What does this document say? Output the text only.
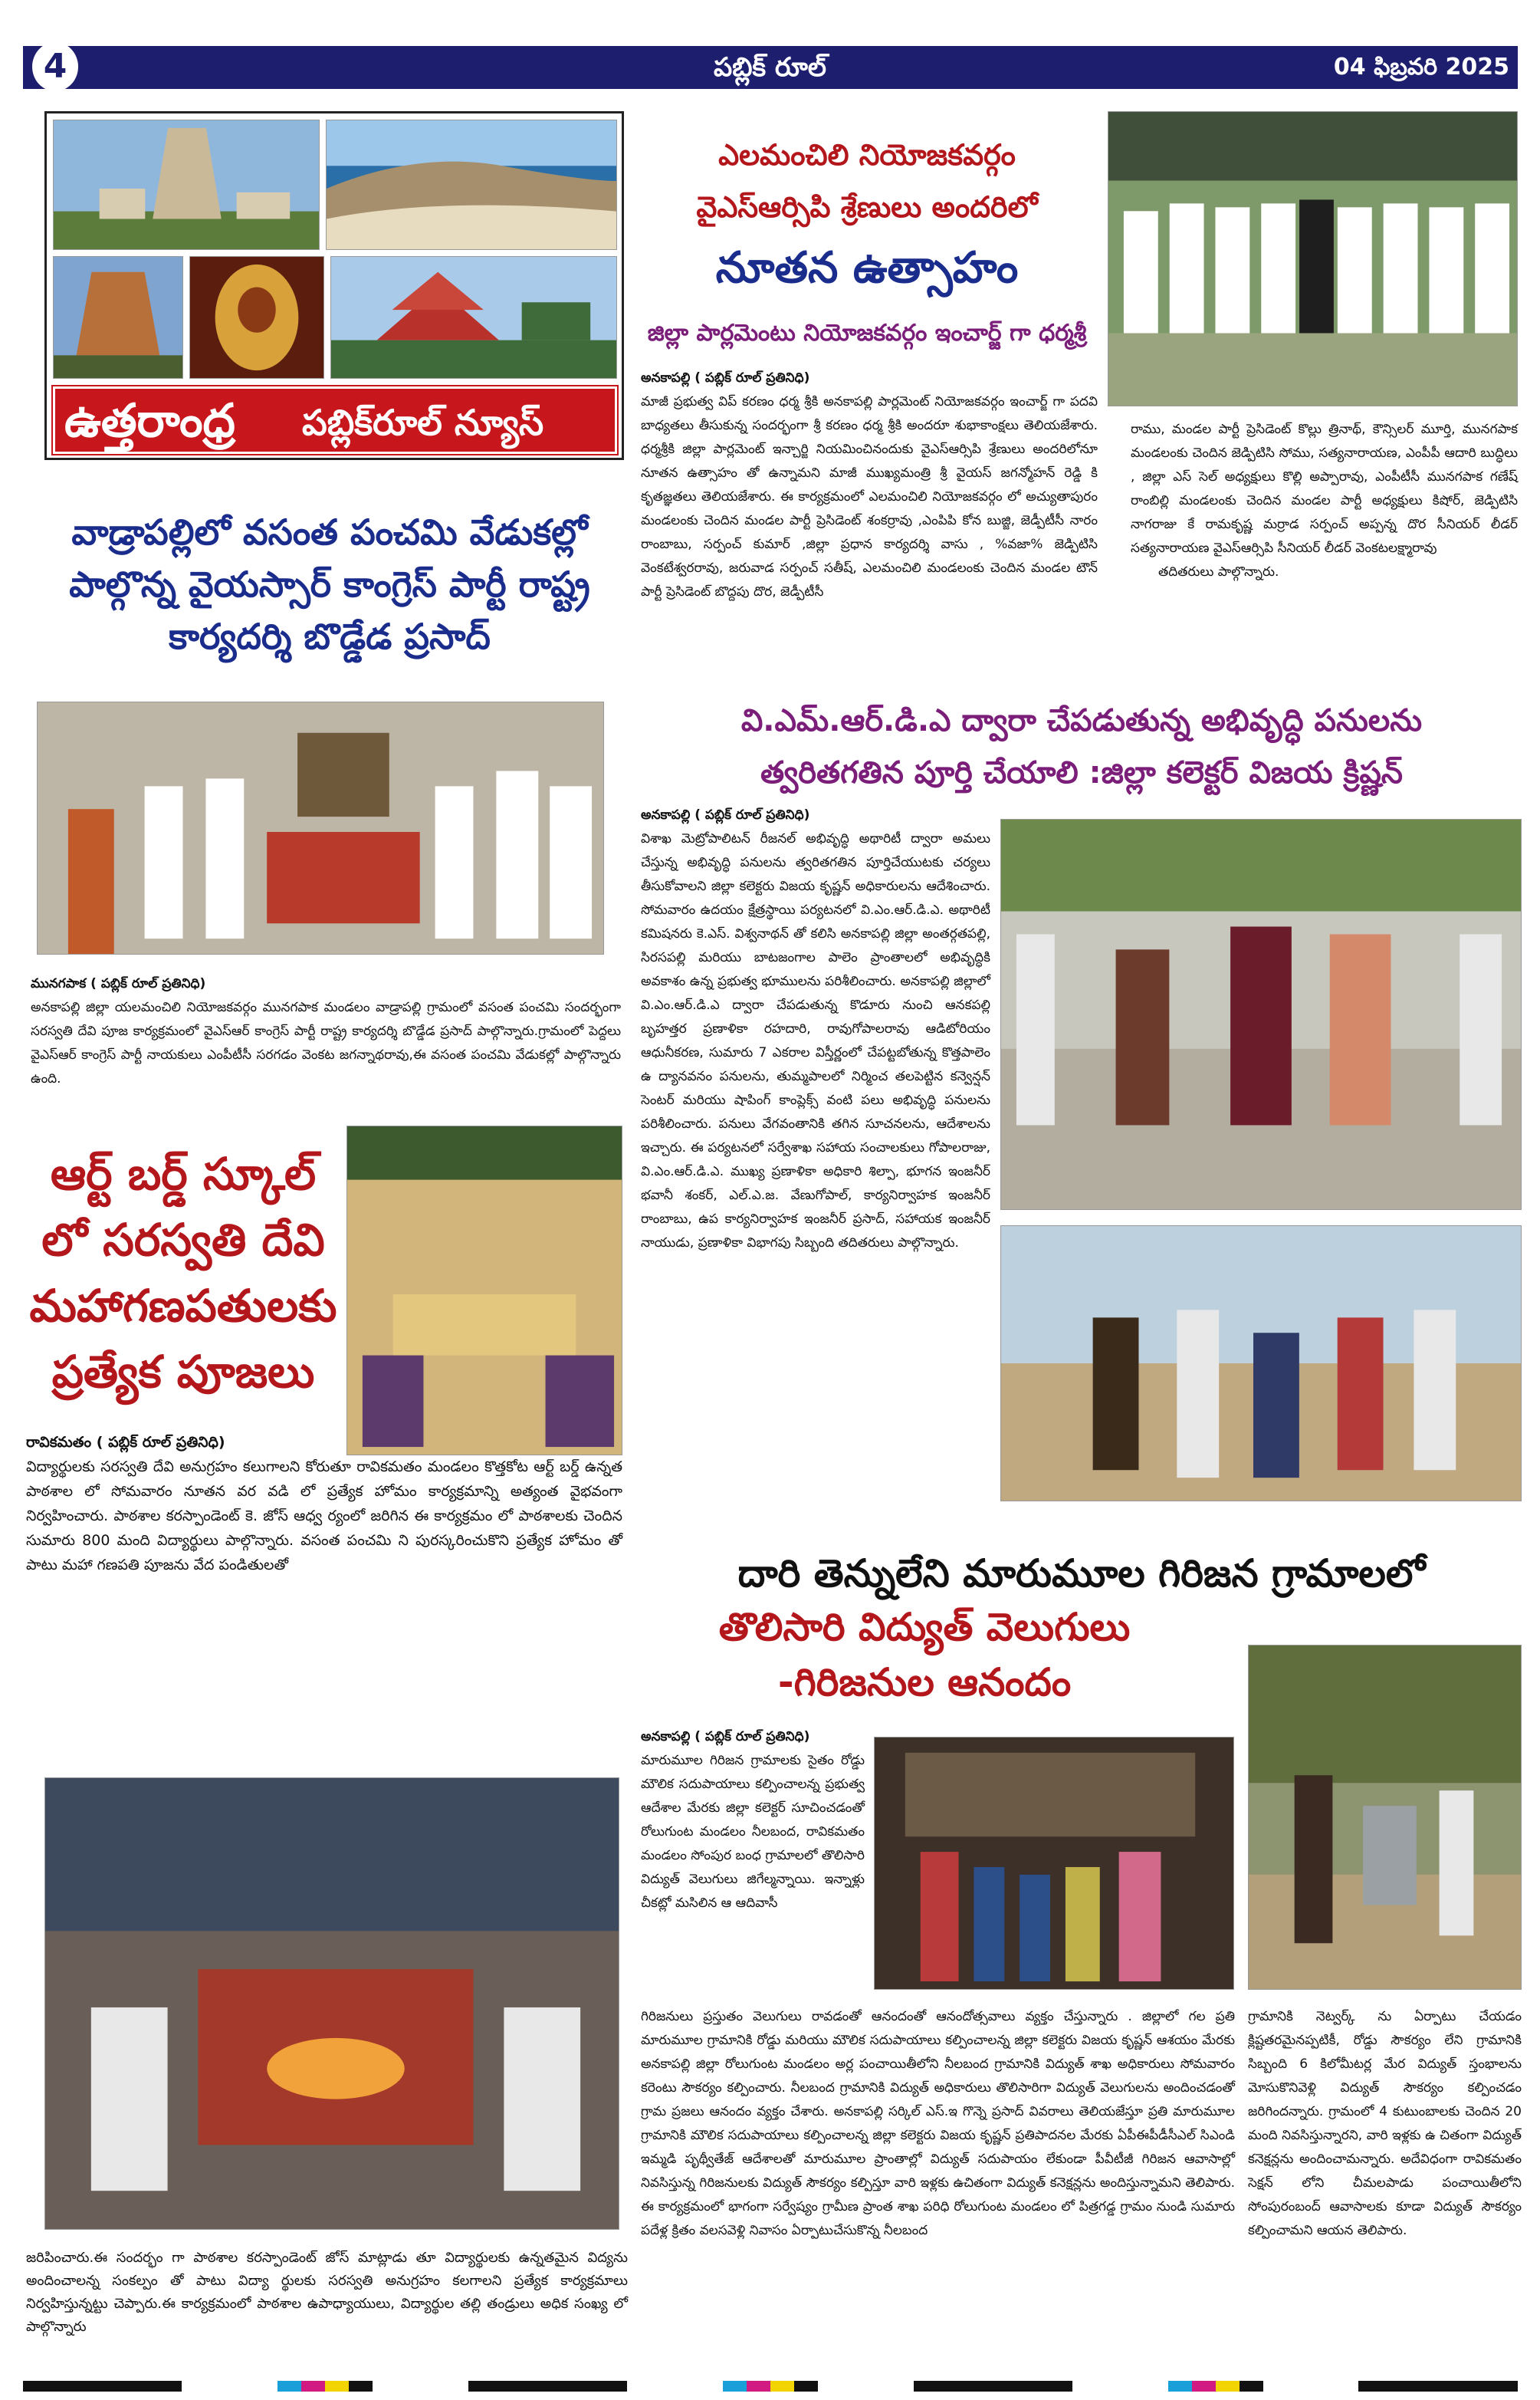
4	పబ్లిక్ రూల్	04 ఫిబ్రవరి 2025
ఉత్తరాంధ్ర పబ్లిక్‌రూల్ న్యూస్
వాడ్రాపల్లిలో వసంత పంచమి వేడుకల్లో పాల్గొన్న వైయస్సార్ కాంగ్రెస్ పార్టీ రాష్ట్ర కార్యదర్శి బొడ్డేడ ప్రసాద్

మునగపాక ( పబ్లిక్ రూల్ ప్రతినిధి)
అనకాపల్లి జిల్లా యలమంచిలి నియోజకవర్గం మునగపాక మండలం వాడ్రాపల్లి గ్రామంలో వసంత పంచమి సందర్భంగా సరస్వతి దేవి పూజ కార్యక్రమంలో వైఎస్ఆర్ కాంగ్రెస్ పార్టీ రాష్ట్ర కార్యదర్శి బొడ్డేడ ప్రసాద్ పాల్గొన్నారు.గ్రామంలో పెద్దలు వైఎస్ఆర్ కాంగ్రెస్ పార్టీ నాయకులు ఎంపీటీసీ సరగడం వెంకట జగన్నాథరావు,ఈ వసంత పంచమి వేడుకల్లో పాల్గొన్నారు ఉంది.

ఎలమంచిలి నియోజకవర్గం
వైఎస్ఆర్సిపి శ్రేణులు అందరిలో
నూతన ఉత్సాహం
జిల్లా పార్లమెంటు నియోజకవర్గం ఇంచార్జ్ గా ధర్మశ్రీ

అనకాపల్లి ( పబ్లిక్ రూల్ ప్రతినిధి)
మాజీ ప్రభుత్వ విప్ కరణం ధర్మ శ్రీకి అనకాపల్లి పార్లమెంట్ నియోజకవర్గం ఇంచార్జ్ గా పదవి బాధ్యతలు తీసుకున్న సందర్భంగా శ్రీ కరణం ధర్మ శ్రీకి అందరూ శుభాకాంక్షలు తెలియజేశారు. ధర్మశ్రీకి జిల్లా పార్లమెంట్ ఇన్చార్జి నియమించినందుకు వైఎస్ఆర్సిపి శ్రేణులు అందరిలోనూ నూతన ఉత్సాహం తో ఉన్నామని మాజీ ముఖ్యమంత్రి శ్రీ వైయస్ జగన్మోహన్ రెడ్డి కి కృతజ్ఞతలు తెలియజేశారు. ఈ కార్యక్రమంలో ఎలమంచిలి నియోజకవర్గం లో అచ్యుతాపురం మండలంకు చెందిన మండల పార్టీ ప్రెసిడెంట్ శంకర్రావు ,ఎంపిపి కోన బుజ్జి, జెడ్పీటీసీ నారం రాంబాబు, సర్పంచ్ కుమార్ ,జిల్లా ప్రధాన కార్యదర్శి వాసు , %వజా% జెడ్పిటిసి వెంకటేశ్వరరావు, జరువాడ సర్పంచ్ సతీష్, ఎలమంచిలి మండలంకు చెందిన మండల టౌన్ పార్టీ ప్రెసిడెంట్ బొద్దపు దొర, జెడ్పీటీసీ

రాము, మండల పార్టీ ప్రెసిడెంట్ కొల్లు త్రినాథ్, కౌన్సిలర్ మూర్తి, మునగపాక మండలంకు చెందిన జెడ్పిటిసి సోము, సత్యనారాయణ, ఎంపీపీ ఆదారి బుద్ధిలు , జిల్లా ఎస్ సెల్ అధ్యక్షులు కొల్లి అప్పారావు, ఎంపీటీసీ మునగపాక గణేష్ రాంబిల్లి మండలంకు చెందిన మండల పార్టీ అధ్యక్షులు కిషోర్, జెడ్పిటిసి నాగరాజు కే రామకృష్ణ మర్రాడ సర్పంచ్ అప్పన్న దొర సీనియర్ లీడర్ సత్యనారాయణ వైఎస్ఆర్సిపి సీనియర్ లీడర్ వెంకటలక్ష్మారావు
తదితరులు పాల్గొన్నారు.

వి.ఎమ్.ఆర్.డి.ఎ ద్వారా చేపడుతున్న అభివృద్ధి పనులను
త్వరితగతిన పూర్తి చేయాలి :జిల్లా కలెక్టర్ విజయ క్రిష్ణన్

అనకాపల్లి ( పబ్లిక్ రూల్ ప్రతినిధి)
విశాఖ మెట్రోపాలిటన్ రీజనల్ అభివృద్ధి అథారిటీ ద్వారా అమలు చేస్తున్న అభివృద్ధి పనులను త్వరితగతిన పూర్తిచేయుటకు చర్యలు తీసుకోవాలని జిల్లా కలెక్టరు విజయ కృష్ణన్ అధికారులను ఆదేశించారు. సోమవారం ఉదయం క్షేత్రస్థాయి పర్యటనలో వి.ఎం.ఆర్.డి.ఎ. అథారిటీ కమిషనరు కె.ఎస్. విశ్వనాథన్ తో కలిసి అనకాపల్లి జిల్లా అంతర్గతపల్లి, సిరసపల్లి మరియు బాటజంగాల పాలెం ప్రాంతాలలో అభివృద్ధికి అవకాశం ఉన్న ప్రభుత్వ భూములను పరిశీలించారు. అనకాపల్లి జిల్లాలో వి.ఎం.ఆర్.డి.ఎ ద్వారా చేపడుతున్న కొడూరు నుంచి ఆనకపల్లి బృహత్తర ప్రణాళికా రహదారి, రావుగోపాలరావు ఆడిటోరియం ఆధునీకరణ, సుమారు 7 ఎకరాల విస్తీర్ణంలో చేపట్టబోతున్న కొత్తపాలెం ఉ ద్యానవనం పనులను, తుమ్మపాలలో నిర్మించ తలపెట్టిన కన్వెన్షన్ సెంటర్ మరియు షాపింగ్ కాంప్లెక్స్ వంటి పలు అభివృద్ధి పనులను పరిశీలించారు. పనులు వేగవంతానికి తగిన సూచనలను, ఆదేశాలను ఇచ్చారు. ఈ పర్యటనలో సర్వేశాఖ సహాయ సంచాలకులు గోపాలరాజు, వి.ఎం.ఆర్.డి.ఎ. ముఖ్య ప్రణాళికా అధికారి శిల్పా, భూగన ఇంజనీర్ భవానీ శంకర్, ఎల్.ఎ.జ. వేణుగోపాల్, కార్యనిర్వాహక ఇంజనీర్ రాంబాబు, ఉప కార్యనిర్వాహక ఇంజనీర్ ప్రసాద్, సహాయక ఇంజనీర్ నాయుడు, ప్రణాళికా విభాగపు సిబ్బంది తదితరులు పాల్గొన్నారు.

ఆర్ట్ బర్డ్ స్కూల్ లో సరస్వతి దేవి మహాగణపతులకు ప్రత్యేక పూజలు

రావికమతం ( పబ్లిక్ రూల్ ప్రతినిధి)
విద్యార్థులకు సరస్వతి దేవి అనుగ్రహం కలుగాలని కోరుతూ రావికమతం మండలం కొత్తకోట ఆర్ట్ బర్డ్ ఉన్నత పాఠశాల లో సోమవారం నూతన వర వడి లో ప్రత్యేక హోమం కార్యక్రమాన్ని అత్యంత వైభవంగా నిర్వహించారు. పాఠశాల కరస్పాండెంట్ కె. జోస్ ఆధ్వ ర్యంలో జరిగిన ఈ కార్యక్రమం లో పాఠశాలకు చెందిన సుమారు 800 మంది విద్యార్థులు పాల్గొన్నారు. వసంత పంచమి ని పురస్కరించుకొని ప్రత్యేక హోమం తో పాటు మహా గణపతి పూజను వేద పండితులతో

జరిపించారు.ఈ సందర్భం గా పాఠశాల కరస్పాండెంట్ జోస్ మాట్లాడు తూ విద్యార్థులకు ఉన్నతమైన విద్యను అందించాలన్న సంకల్పం తో పాటు విద్యా ర్థులకు సరస్వతి అనుగ్రహం కలగాలని ప్రత్యేక కార్యక్రమాలు నిర్వహిస్తున్నట్టు చెప్పారు.ఈ కార్యక్రమంలో పాఠశాల ఉపాధ్యాయులు, విద్యార్థుల తల్లి తండ్రులు అధిక సంఖ్య లో పాల్గొన్నారు

దారి తెన్నులేని మారుమూల గిరిజన గ్రామాలలో
తొలిసారి విద్యుత్ వెలుగులు
-గిరిజనుల ఆనందం

అనకాపల్లి ( పబ్లిక్ రూల్ ప్రతినిధి)
మారుమూల గిరిజన గ్రామాలకు సైతం రోడ్డు మౌలిక సదుపాయాలు కల్పించాలన్న ప్రభుత్వ ఆదేశాల మేరకు జిల్లా కలెక్టర్ సూచించడంతో రోలుగుంట మండలం నీలబంద, రావికమతం మండలం సోంపుర బంధ గ్రామాలలో తొలిసారి విద్యుత్ వెలుగులు జిగేల్మన్నాయి. ఇన్నాళ్లు చీకట్లో మసిలిన ఆ ఆదివాసీ

గిరిజనులు ప్రస్తుతం వెలుగులు రావడంతో ఆనందంతో ఆనందోత్సవాలు వ్యక్తం చేస్తున్నారు . జిల్లాలో గల ప్రతి మారుమూల గ్రామానికి రోడ్డు మరియు మౌలిక సదుపాయాలు కల్పించాలన్న జిల్లా కలెక్టరు విజయ కృష్ణన్ ఆశయం మేరకు అనకాపల్లి జిల్లా రోలుగుంట మండలం అర్ల పంచాయితీలోని నీలబంద గ్రామానికి విద్యుత్ శాఖ అధికారులు సోమవారం కరెంటు సౌకర్యం కల్పించారు. నీలబంద గ్రామానికి విద్యుత్ అధికారులు తొలిసారిగా విద్యుత్ వెలుగులను అందించడంతో గ్రామ ప్రజలు ఆనందం వ్యక్తం చేశారు. అనకాపల్లి సర్కిల్ ఎస్.ఇ గొన్నె ప్రసాద్ వివరాలు తెలియజేస్తూ ప్రతి మారుమూల గ్రామానికి మౌలిక సదుపాయాలు కల్పించాలన్న జిల్లా కలెక్టరు విజయ కృష్ణన్ ప్రతిపాదనల మేరకు ఏపీఈపీడీసీఎల్ సిఎండి ఇమ్మడి పృథ్వీతేజ్ ఆదేశాలతో మారుమూల ప్రాంతాల్లో విద్యుత్ సదుపాయం లేకుండా పీవీటీజీ గిరిజన ఆవాసాల్లో నివసిస్తున్న గిరిజనులకు విద్యుత్ సౌకర్యం కల్పిస్తూ వారి ఇళ్లకు ఉచితంగా విద్యుత్ కనెక్షన్లను అందిస్తున్నామని తెలిపారు. ఈ కార్యక్రమంలో భాగంగా సర్వేష్యం గ్రామీణ ప్రాంత శాఖ పరిధి రోలుగుంట మండలం లో పిత్రగడ్డ గ్రామం నుండి సుమారు పదేళ్ల క్రితం వలసవెళ్లి నివాసం ఏర్పాటుచేసుకొన్న నీలబంద

గ్రామానికి నెట్వర్క్ ను ఏర్పాటు చేయడం క్లిష్టతరమైనప్పటికీ, రోడ్డు సౌకర్యం లేని గ్రామానికి సిబ్బంది 6 కిలోమీటర్ల మేర విద్యుత్ స్తంభాలను మోసుకొనివెళ్లి విద్యుత్ సౌకర్యం కల్పించడం జరిగిందన్నారు. గ్రామంలో 4 కుటుంబాలకు చెందిన 20 మంది నివసిస్తున్నారని, వారి ఇళ్లకు ఉ చితంగా విద్యుత్ కనెక్షన్లను అందించామన్నారు. అదేవిధంగా రావికమతం సెక్షన్ లోని చీమలపాడు పంచాయితీలోని సోంపురంబంద్ ఆవాసాలకు కూడా విద్యుత్ సౌకర్యం కల్పించామని ఆయన తెలిపారు.
